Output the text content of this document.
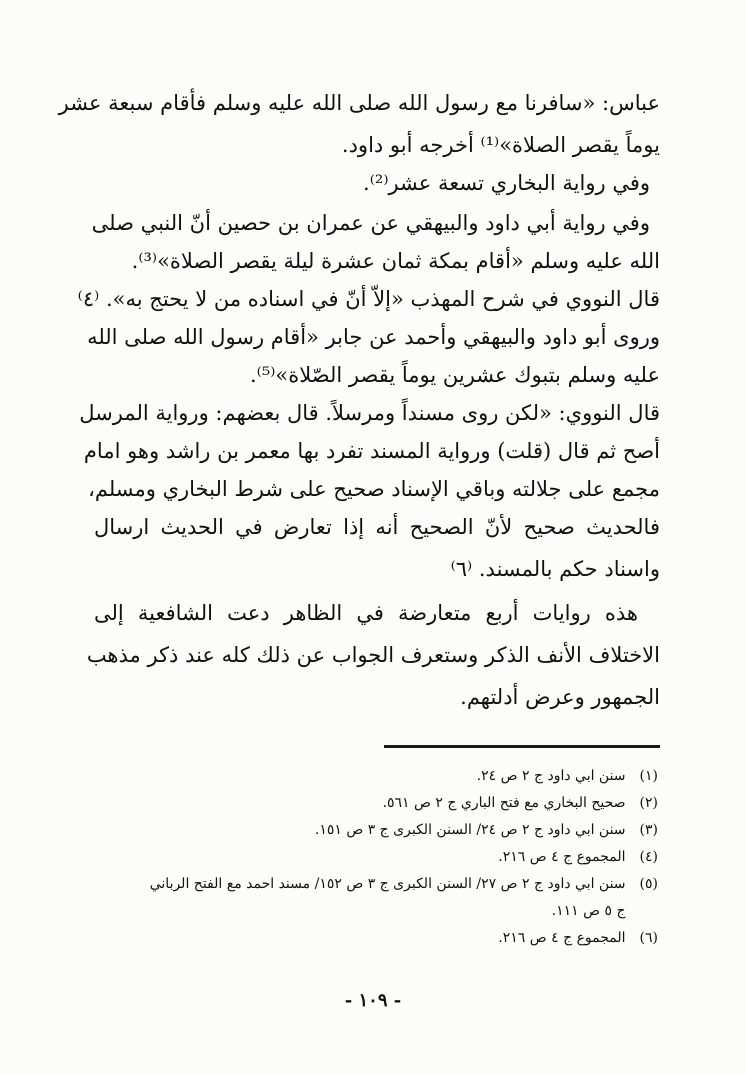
عباس: «سافرنا مع رسول الله صلى الله عليه وسلم فأقام سبعة عشر
يوماً يقصر الصلاة»⁽¹⁾ أخرجه أبو داود.
وفي رواية البخاري تسعة عشر⁽²⁾.
وفي رواية أبي داود والبيهقي عن عمران بن حصين أنّ النبي صلى
الله عليه وسلم «أقام بمكة ثمان عشرة ليلة يقصر الصلاة»⁽³⁾.
قال النووي في شرح المهذب «إلاّ أنّ في اسناده من لا يحتج به». ⁽٤⁾
وروى أبو داود والبيهقي وأحمد عن جابر «أقام رسول الله صلى الله
عليه وسلم بتبوك عشرين يوماً يقصر الصّلاة»⁽⁵⁾.
قال النووي: «لكن روى مسنداً ومرسلاً. قال بعضهم: ورواية المرسل
أصح ثم قال (قلت) ورواية المسند تفرد بها معمر بن راشد وهو امام
مجمع على جلالته وباقي الإسناد صحيح على شرط البخاري ومسلم،
فالحديث صحيح لأنّ الصحيح أنه إذا تعارض في الحديث ارسال
واسناد حكم بالمسند. ⁽٦⁾
هذه روايات أربع متعارضة في الظاهر دعت الشافعية إلى
الاختلاف الأنف الذكر وستعرف الجواب عن ذلك كله عند ذكر مذهب
الجمهور وعرض أدلتهم.
(١) سنن ابي داود ج ٢ ص ٢٤.
(٢) صحيح البخاري مع فتح الباري ج ٢ ص ٥٦١.
(٣) سنن ابي داود ج ٢ ص ٢٤/ السنن الكبرى ج ٣ ص ١٥١.
(٤) المجموع ج ٤ ص ٢١٦.
(٥) سنن ابي داود ج ٢ ص ٢٧/ السنن الكبرى ج ٣ ص ١٥٢/ مسند احمد مع الفتح الرباني
ج ٥ ص ١١١.
(٦) المجموع ج ٤ ص ٢١٦.
- ١٠٩ -
